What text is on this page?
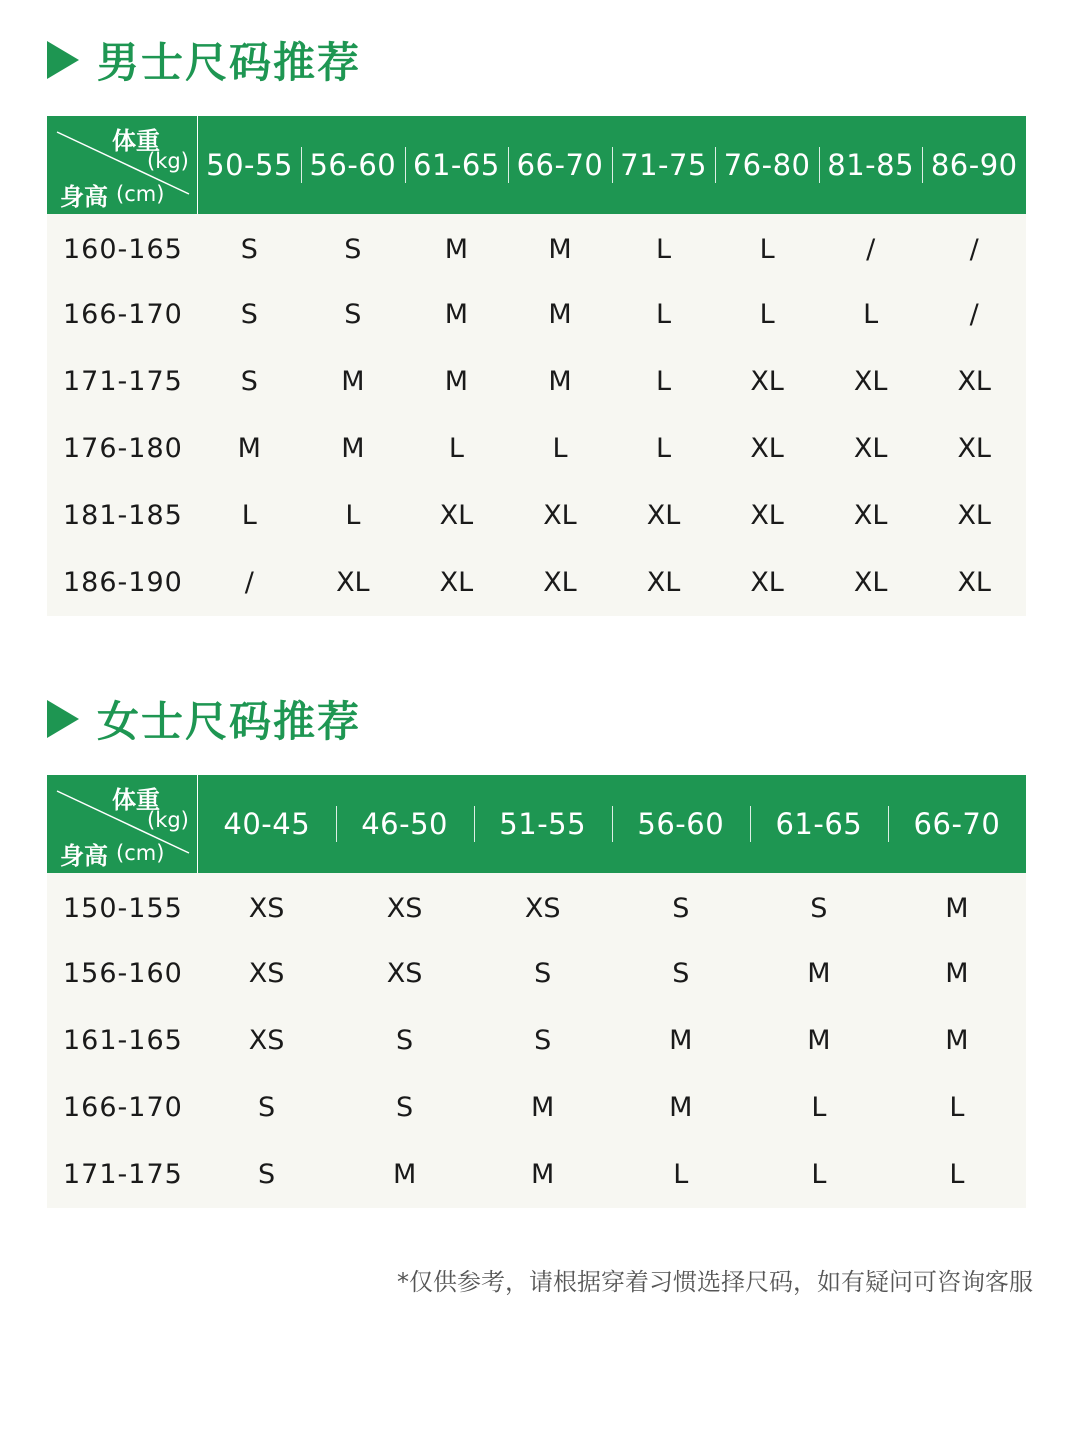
男士尺码推荐
体重
(kg)
身高 (cm)	50-55	56-60	61-65	66-70	71-75	76-80	81-85	86-90
160-165	S	S	M	M	L	L	/	/
166-170	S	S	M	M	L	L	L	/
171-175	S	M	M	M	L	XL	XL	XL
176-180	M	M	L	L	L	XL	XL	XL
181-185	L	L	XL	XL	XL	XL	XL	XL
186-190	/	XL	XL	XL	XL	XL	XL	XL
女士尺码推荐
体重
(kg)
身高 (cm)	40-45	46-50	51-55	56-60	61-65	66-70
150-155	XS	XS	XS	S	S	M
156-160	XS	XS	S	S	M	M
161-165	XS	S	S	M	M	M
166-170	S	S	M	M	L	L
171-175	S	M	M	L	L	L
*仅供参考，请根据穿着习惯选择尺码，如有疑问可咨询客服
